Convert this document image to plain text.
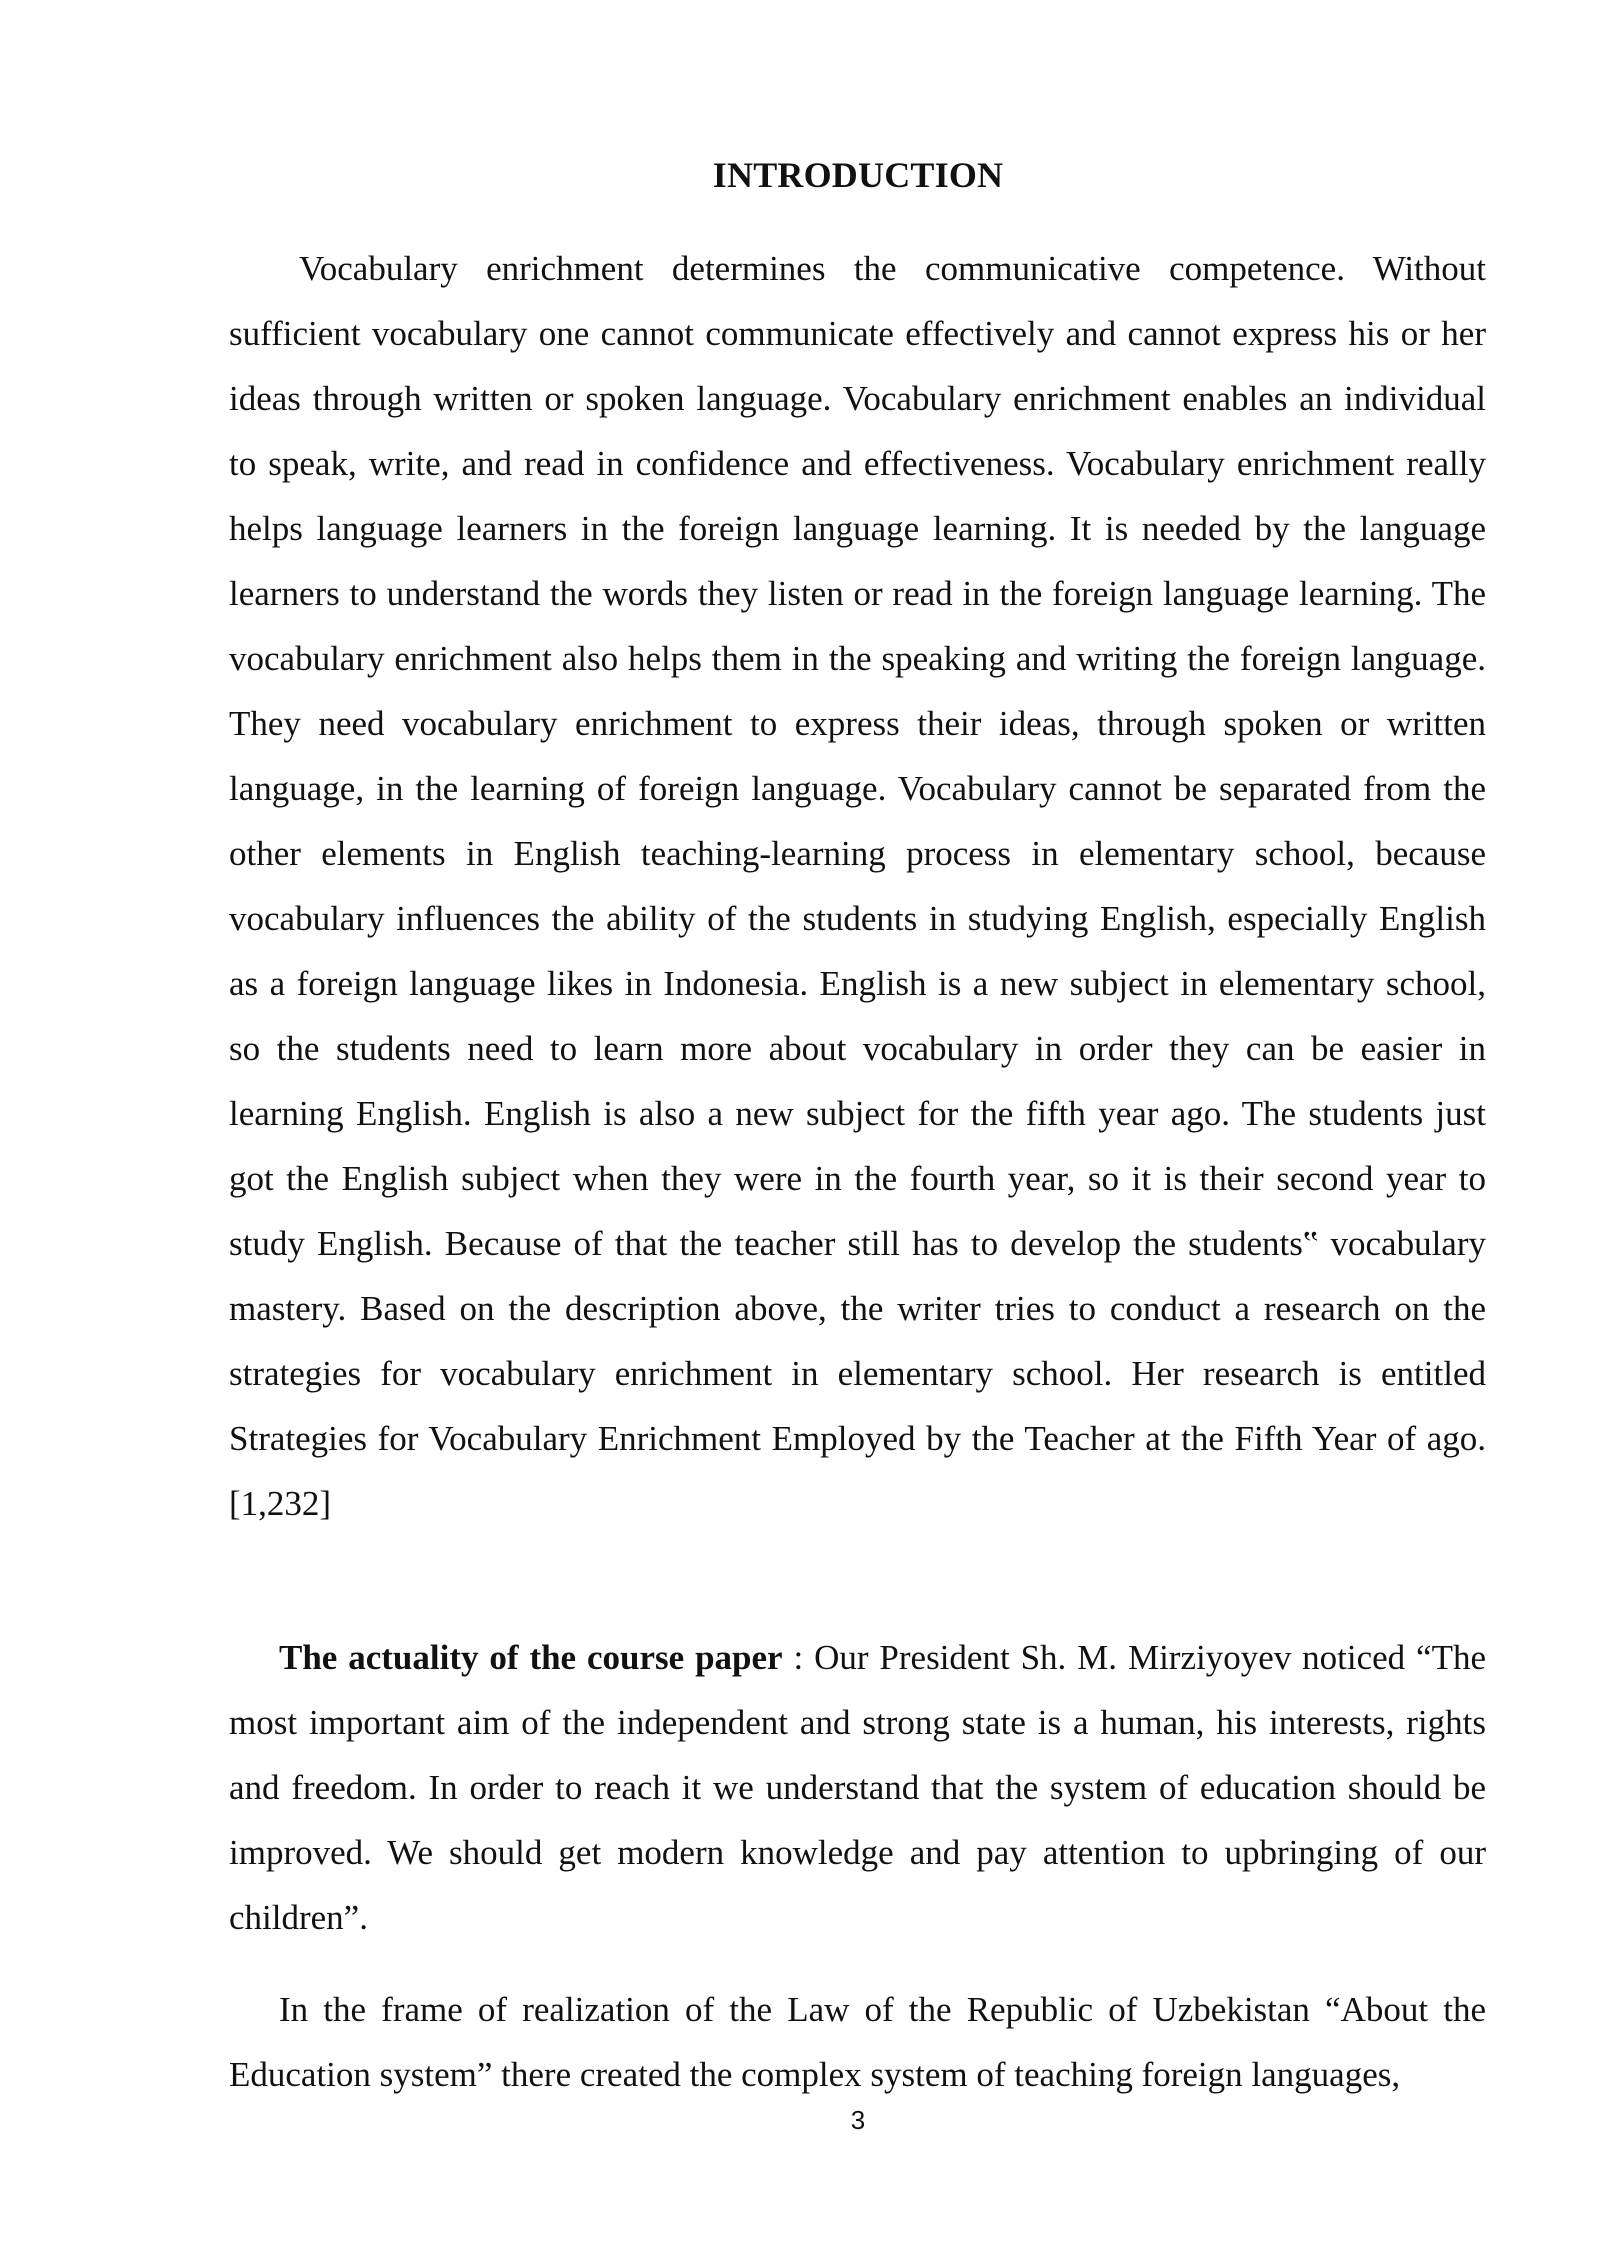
INTRODUCTION

Vocabulary enrichment determines the communicative competence. Without sufficient vocabulary one cannot communicate effectively and cannot express his or her ideas through written or spoken language. Vocabulary enrichment enables an individual to speak, write, and read in confidence and effectiveness. Vocabulary enrichment really helps language learners in the foreign language learning. It is needed by the language learners to understand the words they listen or read in the foreign language learning. The vocabulary enrichment also helps them in the speaking and writing the foreign language. They need vocabulary enrichment to express their ideas, through spoken or written language, in the learning of foreign language. Vocabulary cannot be separated from the other elements in English teaching-learning process in elementary school, because vocabulary influences the ability of the students in studying English, especially English as a foreign language likes in Indonesia. English is a new subject in elementary school, so the students need to learn more about vocabulary in order they can be easier in learning English. English is also a new subject for the fifth year ago. The students just got the English subject when they were in the fourth year, so it is their second year to study English. Because of that the teacher still has to develop the students‟ vocabulary mastery. Based on the description above, the writer tries to conduct a research on the strategies for vocabulary enrichment in elementary school. Her research is entitled Strategies for Vocabulary Enrichment Employed by the Teacher at the Fifth Year of ago.[1,232]

The actuality of the course paper : Our President Sh. M. Mirziyoyev noticed “The most important aim of the independent and strong state is a human, his interests, rights and freedom. In order to reach it we understand that the system of education should be improved. We should get modern knowledge and pay attention to upbringing of our children”.

In the frame of realization of the Law of the Republic of Uzbekistan “About the Education system” there created the complex system of teaching foreign languages,

3
